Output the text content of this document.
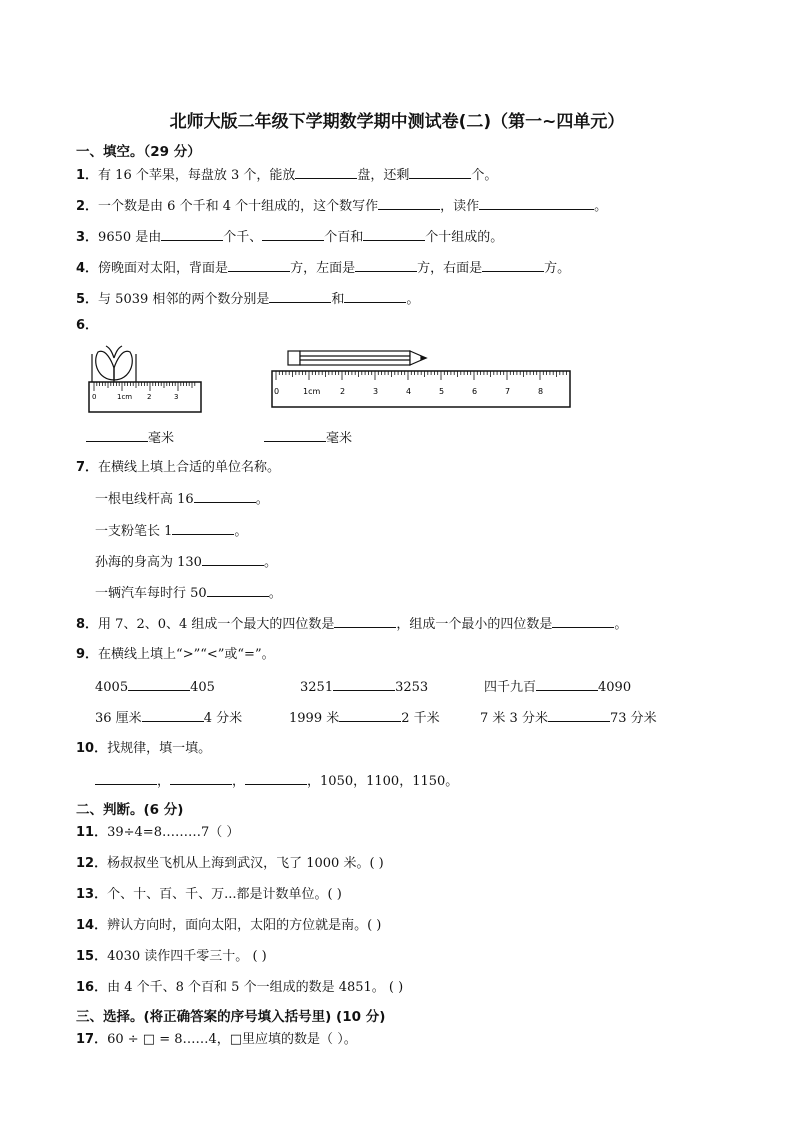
北师大版二年级下学期数学期中测试卷(二)（第一~四单元）
一、填空。（29 分）
1．有 16 个苹果，每盘放 3 个，能放	盘，还剩	个。
2．一个数是由 6 个千和 4 个十组成的，这个数写作	，读作	。
3．9650 是由	个千、	个百和	个十组成的。
4．傍晚面对太阳，背面是	方，左面是	方，右面是	方。
5．与 5039 相邻的两个数分别是	和	。
6．
0	1cm 2	3
0	1cm 2	3	4	5	6	7	8
毫米	毫米
7．在横线上填上合适的单位名称。
一根电线杆高 16	。
一支粉笔长 1	。
孙海的身高为 130	。
一辆汽车每时行 50	。
8．用 7、2、0、4 组成一个最大的四位数是	，组成一个最小的四位数是	。
9．在横线上填上“>”“<”或“=”。
4005	405	3251	3253	四千九百	4090
36 厘米	4 分米	1999 米	2 千米	7 米 3 分米	73 分米
10．找规律，填一填。
，	，	，1050，1100，1150。
二、判断。(6 分)
11．39÷4=8………7（ ）
12．杨叔叔坐飞机从上海到武汉，飞了 1000 米。( )
13．个、十、百、千、万...都是计数单位。( )
14．辨认方向时，面向太阳，太阳的方位就是南。( )
15．4030 读作四千零三十。 ( )
16．由 4 个千、8 个百和 5 个一组成的数是 4851。 ( )
三、选择。(将正确答案的序号填入括号里) (10 分)
17．60 ÷ □ = 8……4，□里应填的数是（ ）。
